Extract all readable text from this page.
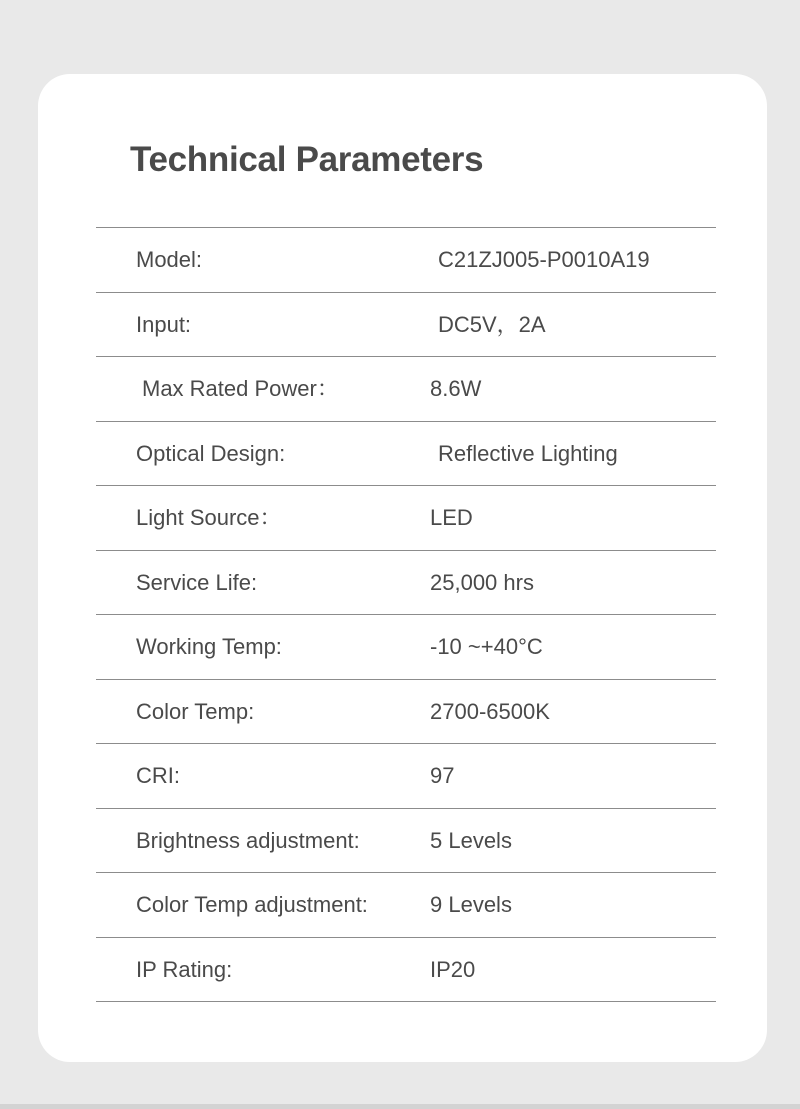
Technical Parameters
Model:	C21ZJ005-P0010A19
Input:	DC5V，2A
Max Rated Power：	8.6W
Optical Design:	Reflective Lighting
Light Source：	LED
Service Life:	25,000 hrs
Working Temp:	-10 ~+40°C
Color Temp:	2700-6500K
CRI:	97
Brightness adjustment:	5 Levels
Color Temp adjustment:	9 Levels
IP Rating:	IP20
